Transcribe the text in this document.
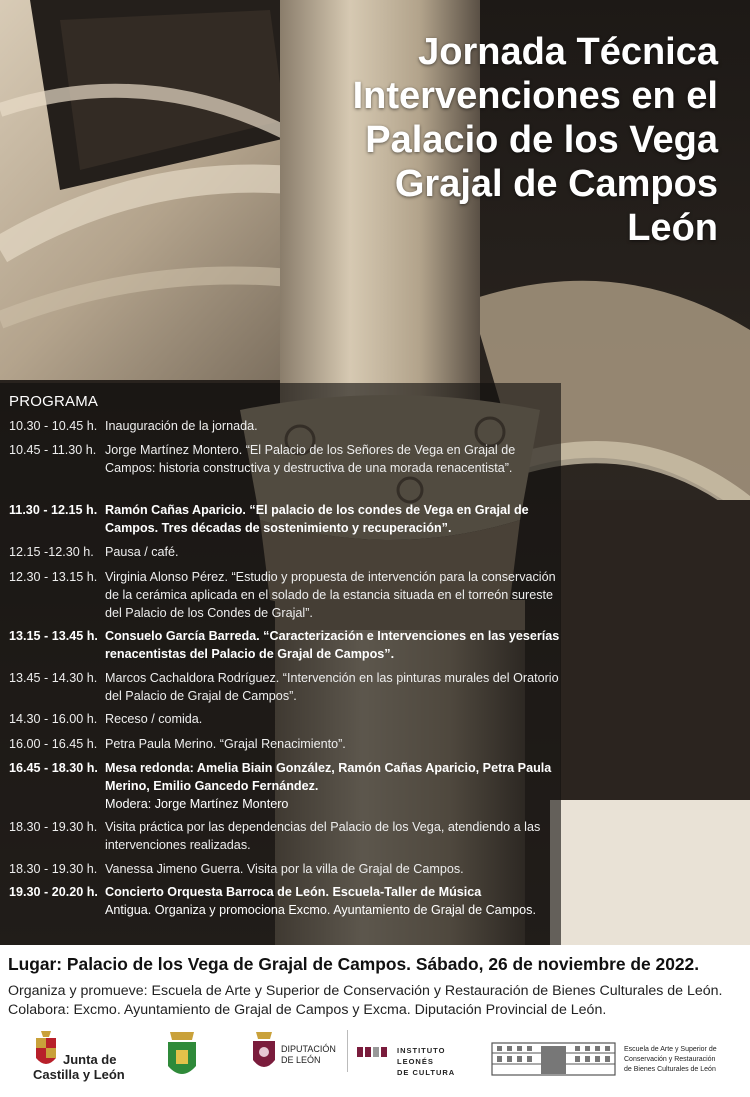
Jornada Técnica
Intervenciones en el
Palacio de los Vega
Grajal de Campos
León
PROGRAMA
10.30 - 10.45 h. Inauguración de la jornada.
10.45 - 11.30 h. Jorge Martínez Montero. “El Palacio de los Señores de Vega en Grajal de Campos: historia constructiva y destructiva de una morada renacentista”.
11.30 - 12.15 h. Ramón Cañas Aparicio. “El palacio de los condes de Vega en Grajal de Campos. Tres décadas de sostenimiento y recuperación”.
12.15 -12.30 h. Pausa / café.
12.30 - 13.15 h. Virginia Alonso Pérez. “Estudio y propuesta de intervención para la conservación de la cerámica aplicada en el solado de la estancia situada en el torreón sureste del Palacio de los Condes de Grajal”.
13.15 - 13.45 h. Consuelo García Barreda. “Caracterización e Intervenciones en las yeserías renacentistas del Palacio de Grajal de Campos”.
13.45 - 14.30 h. Marcos Cachaldora Rodríguez. “Intervención en las pinturas murales del Oratorio del Palacio de Grajal de Campos”.
14.30 - 16.00 h. Receso / comida.
16.00 - 16.45 h. Petra Paula Merino. “Grajal Renacimiento”.
16.45 - 18.30 h. Mesa redonda: Amelia Biain González, Ramón Cañas Aparicio, Petra Paula Merino, Emilio Gancedo Fernández.
Modera: Jorge Martínez Montero
18.30 - 19.30 h. Visita práctica por las dependencias del Palacio de los Vega, atendiendo a las intervenciones realizadas.
18.30 - 19.30 h. Vanessa Jimeno Guerra. Visita por la villa de Grajal de Campos.
19.30 - 20.20 h. Concierto Orquesta Barroca de León. Escuela-Taller de Música
Antigua. Organiza y promociona Excmo. Ayuntamiento de Grajal de Campos.
Lugar: Palacio de los Vega de Grajal de Campos. Sábado, 26 de noviembre de 2022.
Organiza y promueve: Escuela de Arte y Superior de Conservación y Restauración de Bienes Culturales de León.
Colabora: Excmo. Ayuntamiento de Grajal de Campos y Excma. Diputación Provincial de León.
Junta de
Castilla y León
DIPUTACIÓN
DE LEÓN
INSTITUTO
LEONÉS
DE CULTURA
Escuela de Arte y Superior de
Conservación y Restauración
de Bienes Culturales de León
